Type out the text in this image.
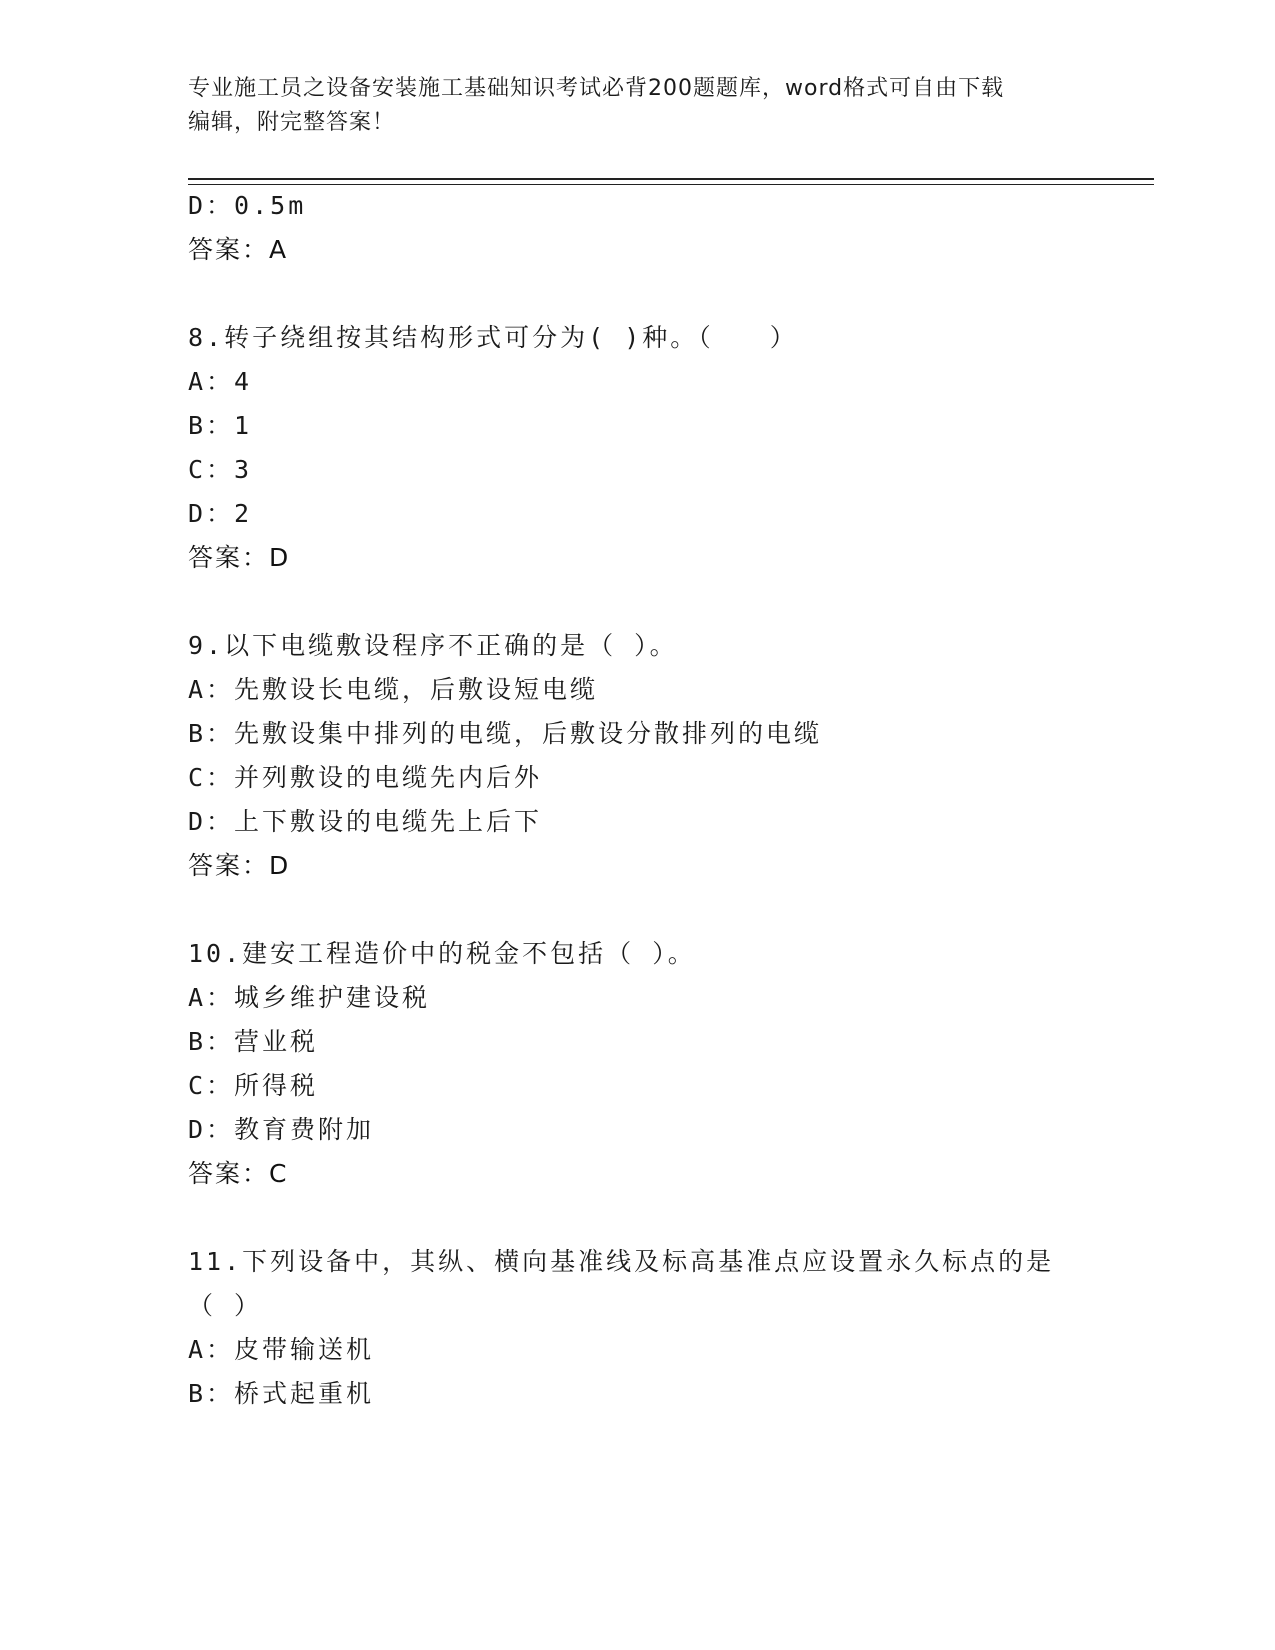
专业施工员之设备安装施工基础知识考试必背200题题库，word格式可自由下载
编辑，附完整答案！
D：0.5m
答案：A
8.转子绕组按其结构形式可分为( )种。（　　）
A：4
B：1
C：3
D：2
答案：D
9.以下电缆敷设程序不正确的是（ ）。
A：先敷设长电缆，后敷设短电缆
B：先敷设集中排列的电缆，后敷设分散排列的电缆
C：并列敷设的电缆先内后外
D：上下敷设的电缆先上后下
答案：D
10.建安工程造价中的税金不包括（ ）。
A：城乡维护建设税
B：营业税
C：所得税
D：教育费附加
答案：C
11.下列设备中，其纵、横向基准线及标高基准点应设置永久标点的是
（ ）
A：皮带输送机
B：桥式起重机
